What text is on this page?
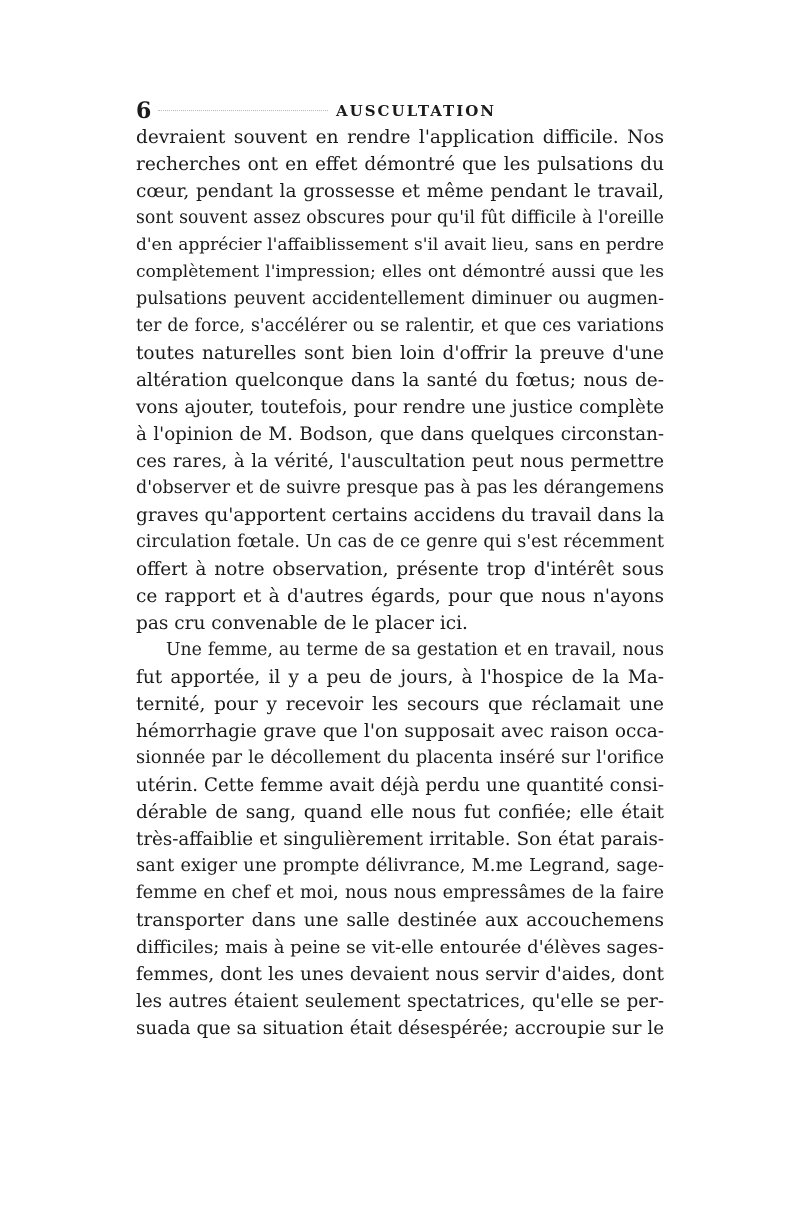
6	AUSCULTATION
devraient souvent en rendre l'application difficile. Nos
recherches ont en effet démontré que les pulsations du
cœur, pendant la grossesse et même pendant le travail,
sont souvent assez obscures pour qu'il fût difficile à l'oreille
d'en apprécier l'affaiblissement s'il avait lieu, sans en perdre
complètement l'impression; elles ont démontré aussi que les
pulsations peuvent accidentellement diminuer ou augmen-
ter de force, s'accélérer ou se ralentir, et que ces variations
toutes naturelles sont bien loin d'offrir la preuve d'une
altération quelconque dans la santé du fœtus; nous de-
vons ajouter, toutefois, pour rendre une justice complète
à l'opinion de M. Bodson, que dans quelques circonstan-
ces rares, à la vérité, l'auscultation peut nous permettre
d'observer et de suivre presque pas à pas les dérangemens
graves qu'apportent certains accidens du travail dans la
circulation fœtale. Un cas de ce genre qui s'est récemment
offert à notre observation, présente trop d'intérêt sous
ce rapport et à d'autres égards, pour que nous n'ayons
pas cru convenable de le placer ici.
Une femme, au terme de sa gestation et en travail, nous
fut apportée, il y a peu de jours, à l'hospice de la Ma-
ternité, pour y recevoir les secours que réclamait une
hémorrhagie grave que l'on supposait avec raison occa-
sionnée par le décollement du placenta inséré sur l'orifice
utérin. Cette femme avait déjà perdu une quantité consi-
dérable de sang, quand elle nous fut confiée; elle était
très-affaiblie et singulièrement irritable. Son état parais-
sant exiger une prompte délivrance, M.me Legrand, sage-
femme en chef et moi, nous nous empressâmes de la faire
transporter dans une salle destinée aux accouchemens
difficiles; mais à peine se vit-elle entourée d'élèves sages-
femmes, dont les unes devaient nous servir d'aides, dont
les autres étaient seulement spectatrices, qu'elle se per-
suada que sa situation était désespérée; accroupie sur le
